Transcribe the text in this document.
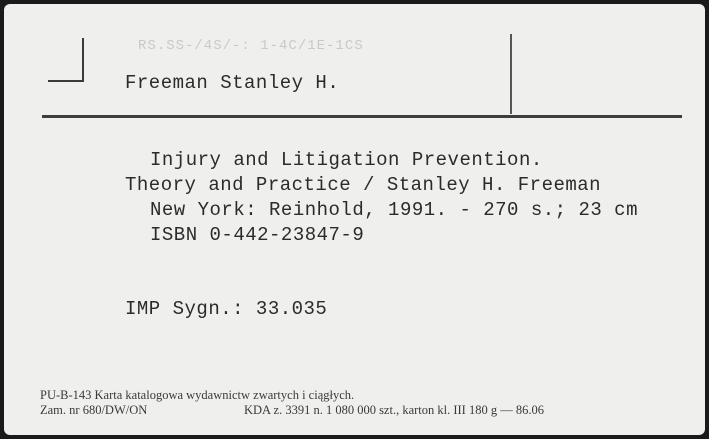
RS.SS-/4S/-: 1-4C/1E-1CS
Freeman Stanley H.
Injury and Litigation Prevention.
Theory and Practice / Stanley H. Freeman
New York: Reinhold, 1991. - 270 s.; 23 cm
ISBN 0-442-23847-9
IMP Sygn.: 33.035
PU-B-143 Karta katalogowa wydawnictw zwartych i ciągłych.
Zam. nr 680/DW/ON	KDA z. 3391 n. 1 080 000 szt., karton kl. III 180 g — 86.06
